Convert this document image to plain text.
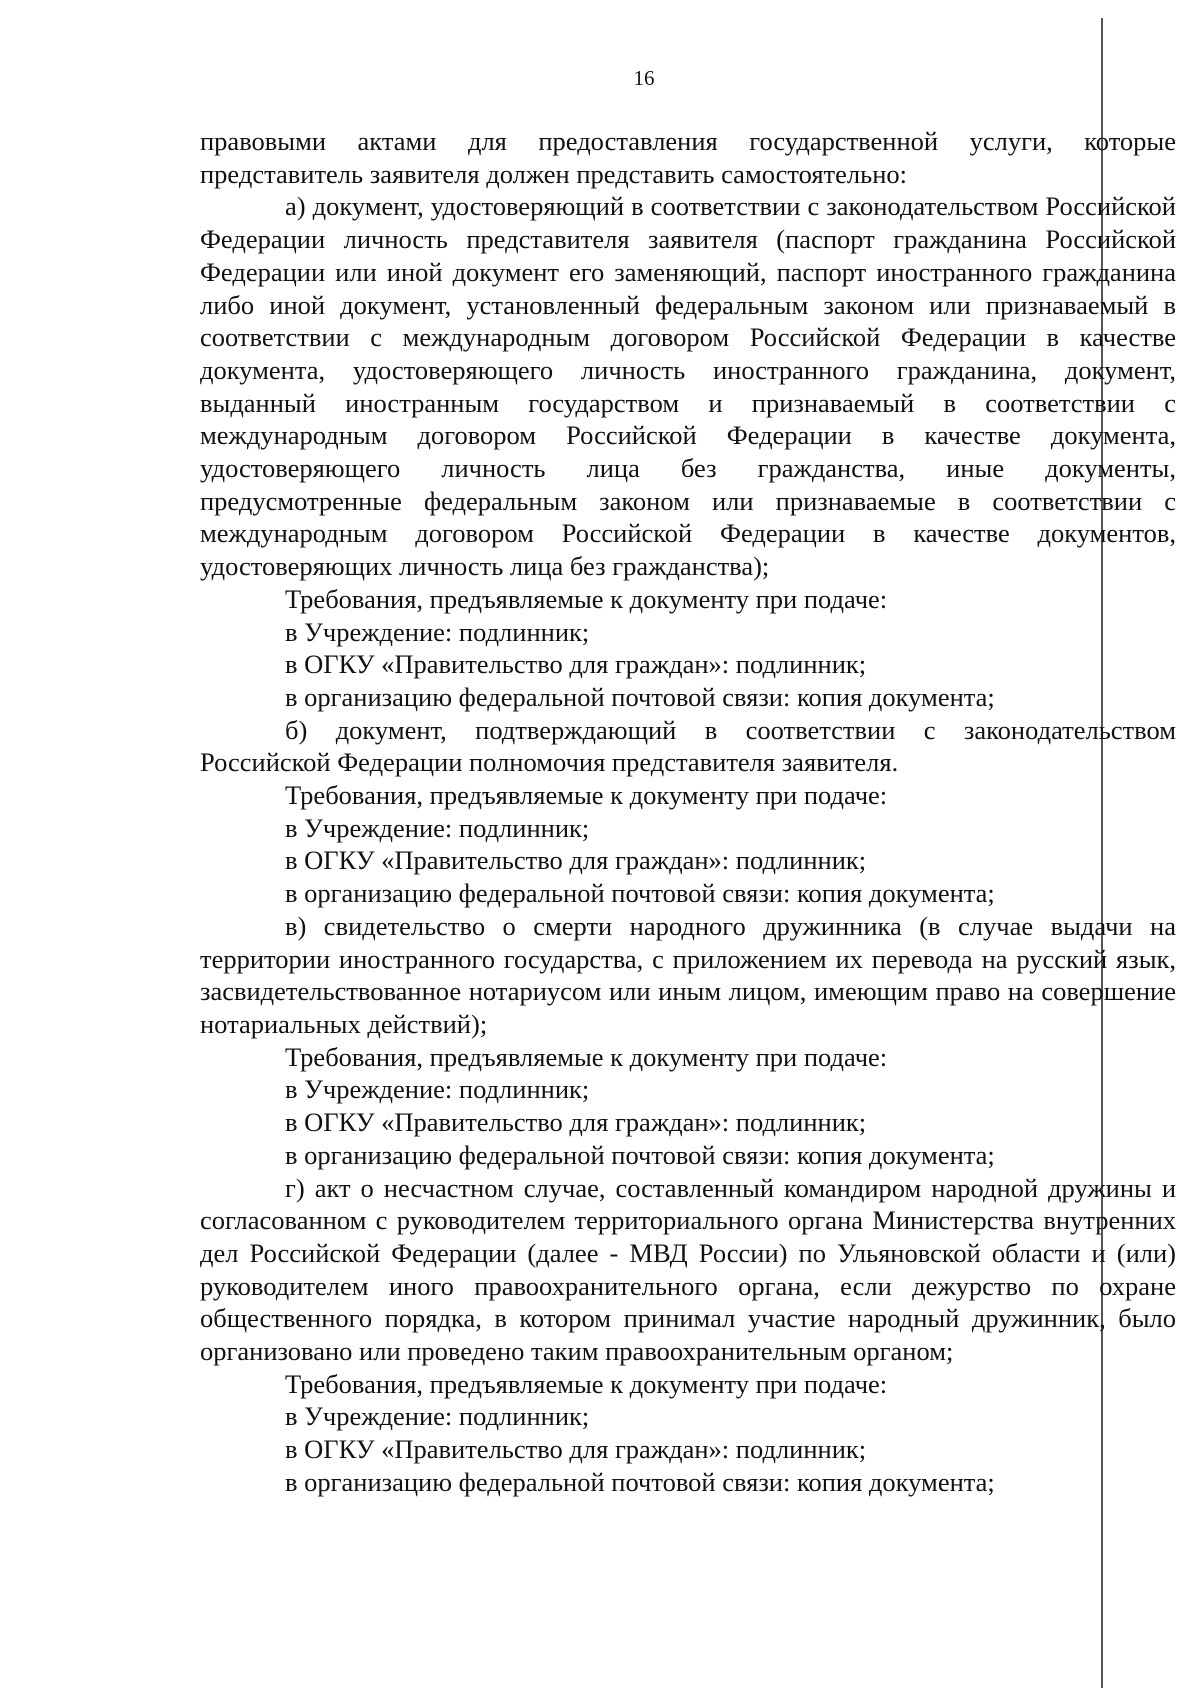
16

правовыми актами для предоставления государственной услуги, которые представитель заявителя должен представить самостоятельно:

а) документ, удостоверяющий в соответствии с законодательством Российской Федерации личность представителя заявителя (паспорт гражданина Российской Федерации или иной документ его заменяющий, паспорт иностранного гражданина либо иной документ, установленный федеральным законом или признаваемый в соответствии с международным договором Российской Федерации в качестве документа, удостоверяющего личность иностранного гражданина, документ, выданный иностранным государством и признаваемый в соответствии с международным договором Российской Федерации в качестве документа, удостоверяющего личность лица без гражданства, иные документы, предусмотренные федеральным законом или признаваемые в соответствии с международным договором Российской Федерации в качестве документов, удостоверяющих личность лица без гражданства);

Требования, предъявляемые к документу при подаче:

в Учреждение: подлинник;

в ОГКУ «Правительство для граждан»: подлинник;

в организацию федеральной почтовой связи: копия документа;

б) документ, подтверждающий в соответствии с законодательством Российской Федерации полномочия представителя заявителя.

Требования, предъявляемые к документу при подаче:

в Учреждение: подлинник;

в ОГКУ «Правительство для граждан»: подлинник;

в организацию федеральной почтовой связи: копия документа;

в) свидетельство о смерти народного дружинника (в случае выдачи на территории иностранного государства, с приложением их перевода на русский язык, засвидетельствованное нотариусом или иным лицом, имеющим право на совершение нотариальных действий);

Требования, предъявляемые к документу при подаче:

в Учреждение: подлинник;

в ОГКУ «Правительство для граждан»: подлинник;

в организацию федеральной почтовой связи: копия документа;

г) акт о несчастном случае, составленный командиром народной дружины и согласованном с руководителем территориального органа Министерства внутренних дел Российской Федерации (далее - МВД России) по Ульяновской области и (или) руководителем иного правоохранительного органа, если дежурство по охране общественного порядка, в котором принимал участие народный дружинник, было организовано или проведено таким правоохранительным органом;

Требования, предъявляемые к документу при подаче:

в Учреждение: подлинник;

в ОГКУ «Правительство для граждан»: подлинник;

в организацию федеральной почтовой связи: копия документа;
